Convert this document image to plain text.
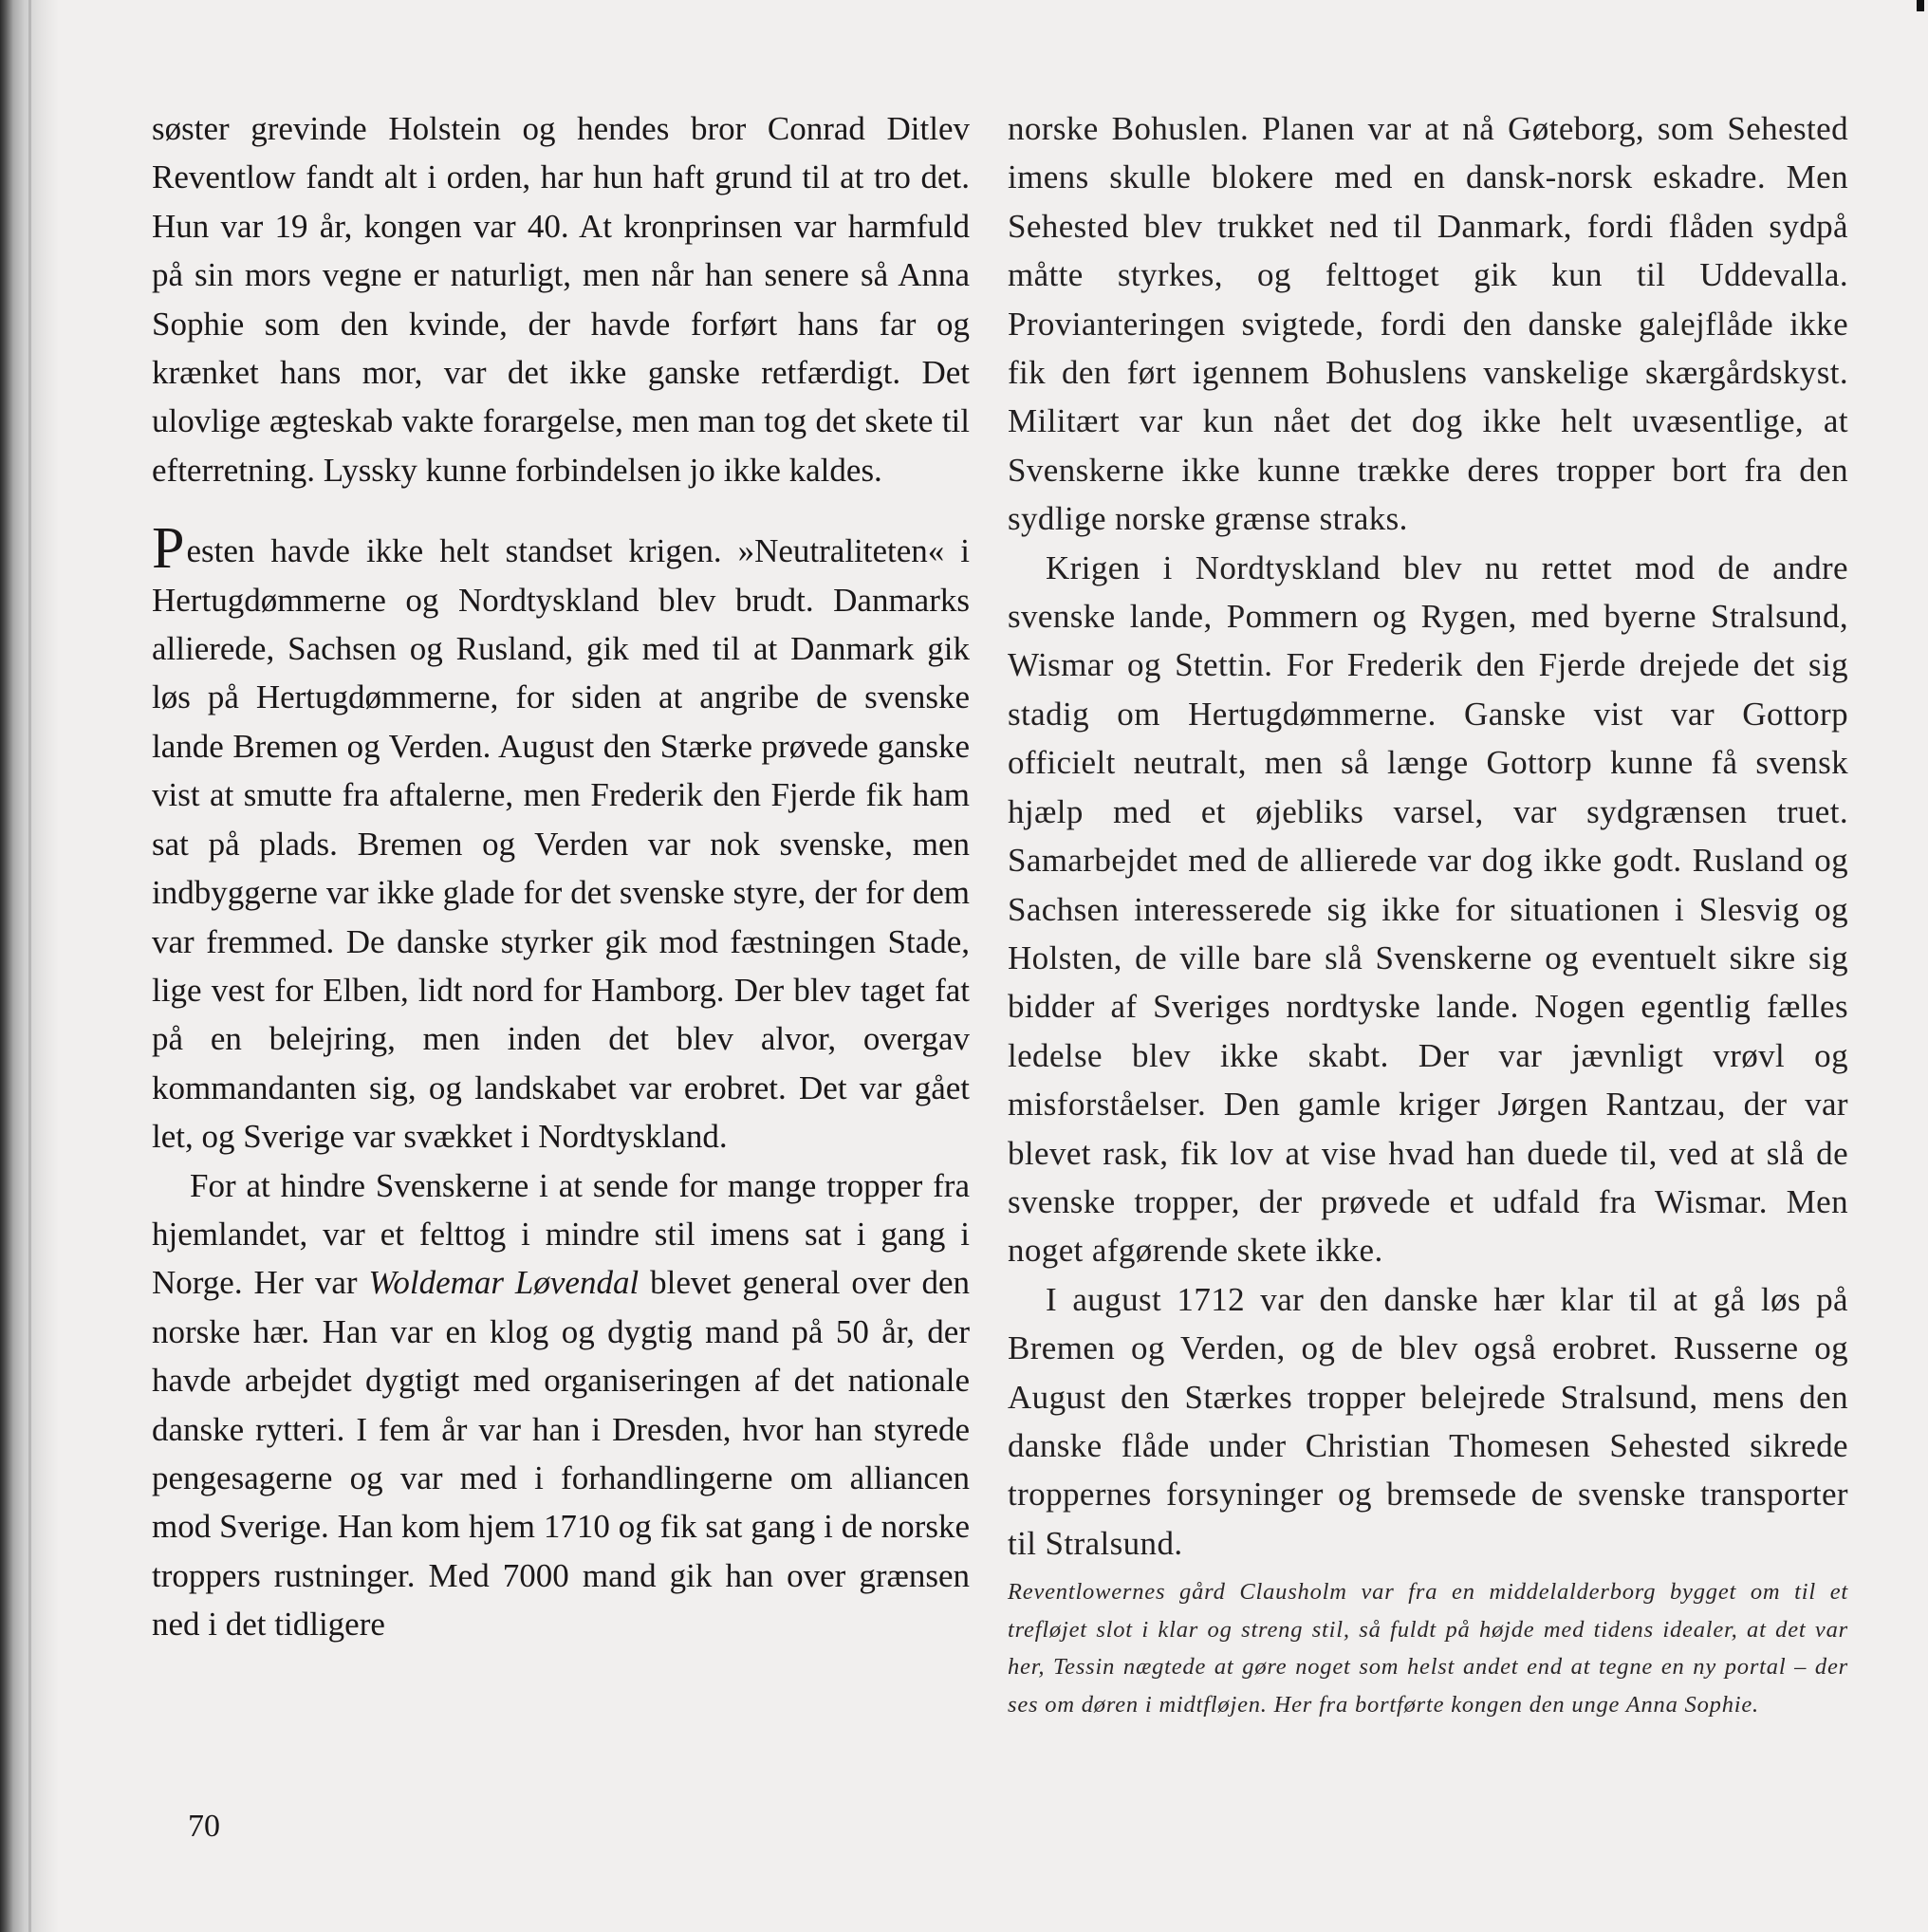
søster grevinde Holstein og hendes bror Conrad Ditlev Reventlow fandt alt i orden, har hun haft grund til at tro det. Hun var 19 år, kongen var 40. At kronprinsen var harmfuld på sin mors vegne er naturligt, men når han senere så Anna Sophie som den kvinde, der havde forført hans far og krænket hans mor, var det ikke ganske retfærdigt. Det ulovlige ægteskab vakte forargelse, men man tog det skete til efterretning. Lyssky kunne forbindelsen jo ikke kaldes.

Pesten havde ikke helt standset krigen. »Neutraliteten« i Hertugdømmerne og Nordtyskland blev brudt. Danmarks allierede, Sachsen og Rusland, gik med til at Danmark gik løs på Hertugdømmerne, for siden at angribe de svenske lande Bremen og Verden. August den Stærke prøvede ganske vist at smutte fra aftalerne, men Frederik den Fjerde fik ham sat på plads. Bremen og Verden var nok svenske, men indbyggerne var ikke glade for det svenske styre, der for dem var fremmed. De danske styrker gik mod fæstningen Stade, lige vest for Elben, lidt nord for Hamborg. Der blev taget fat på en belejring, men inden det blev alvor, overgav kommandanten sig, og landskabet var erobret. Det var gået let, og Sverige var svækket i Nordtyskland.

For at hindre Svenskerne i at sende for mange tropper fra hjemlandet, var et felttog i mindre stil imens sat i gang i Norge. Her var Woldemar Løvendal blevet general over den norske hær. Han var en klog og dygtig mand på 50 år, der havde arbejdet dygtigt med organiseringen af det nationale danske rytteri. I fem år var han i Dresden, hvor han styrede pengesagerne og var med i forhandlingerne om alliancen mod Sverige. Han kom hjem 1710 og fik sat gang i de norske troppers rustninger. Med 7000 mand gik han over grænsen ned i det tidligere

norske Bohuslen. Planen var at nå Gøteborg, som Sehested imens skulle blokere med en dansk-norsk eskadre. Men Sehested blev trukket ned til Danmark, fordi flåden sydpå måtte styrkes, og felttoget gik kun til Uddevalla. Provianteringen svigtede, fordi den danske galejflåde ikke fik den ført igennem Bohuslens vanskelige skærgårdskyst. Militært var kun nået det dog ikke helt uvæsentlige, at Svenskerne ikke kunne trække deres tropper bort fra den sydlige norske grænse straks.

Krigen i Nordtyskland blev nu rettet mod de andre svenske lande, Pommern og Rygen, med byerne Stralsund, Wismar og Stettin. For Frederik den Fjerde drejede det sig stadig om Hertugdømmerne. Ganske vist var Gottorp officielt neutralt, men så længe Gottorp kunne få svensk hjælp med et øjebliks varsel, var sydgrænsen truet. Samarbejdet med de allierede var dog ikke godt. Rusland og Sachsen interesserede sig ikke for situationen i Slesvig og Holsten, de ville bare slå Svenskerne og eventuelt sikre sig bidder af Sveriges nordtyske lande. Nogen egentlig fælles ledelse blev ikke skabt. Der var jævnligt vrøvl og misforståelser. Den gamle kriger Jørgen Rantzau, der var blevet rask, fik lov at vise hvad han duede til, ved at slå de svenske tropper, der prøvede et udfald fra Wismar. Men noget afgørende skete ikke.

I august 1712 var den danske hær klar til at gå løs på Bremen og Verden, og de blev også erobret. Russerne og August den Stærkes tropper belejrede Stralsund, mens den danske flåde under Christian Thomesen Sehested sikrede troppernes forsyninger og bremsede de svenske transporter til Stralsund.

Reventlowernes gård Clausholm var fra en middelalderborg bygget om til et trefløjet slot i klar og streng stil, så fuldt på højde med tidens idealer, at det var her, Tessin nægtede at gøre noget som helst andet end at tegne en ny portal – der ses om døren i midtfløjen. Her fra bortførte kongen den unge Anna Sophie.

70
